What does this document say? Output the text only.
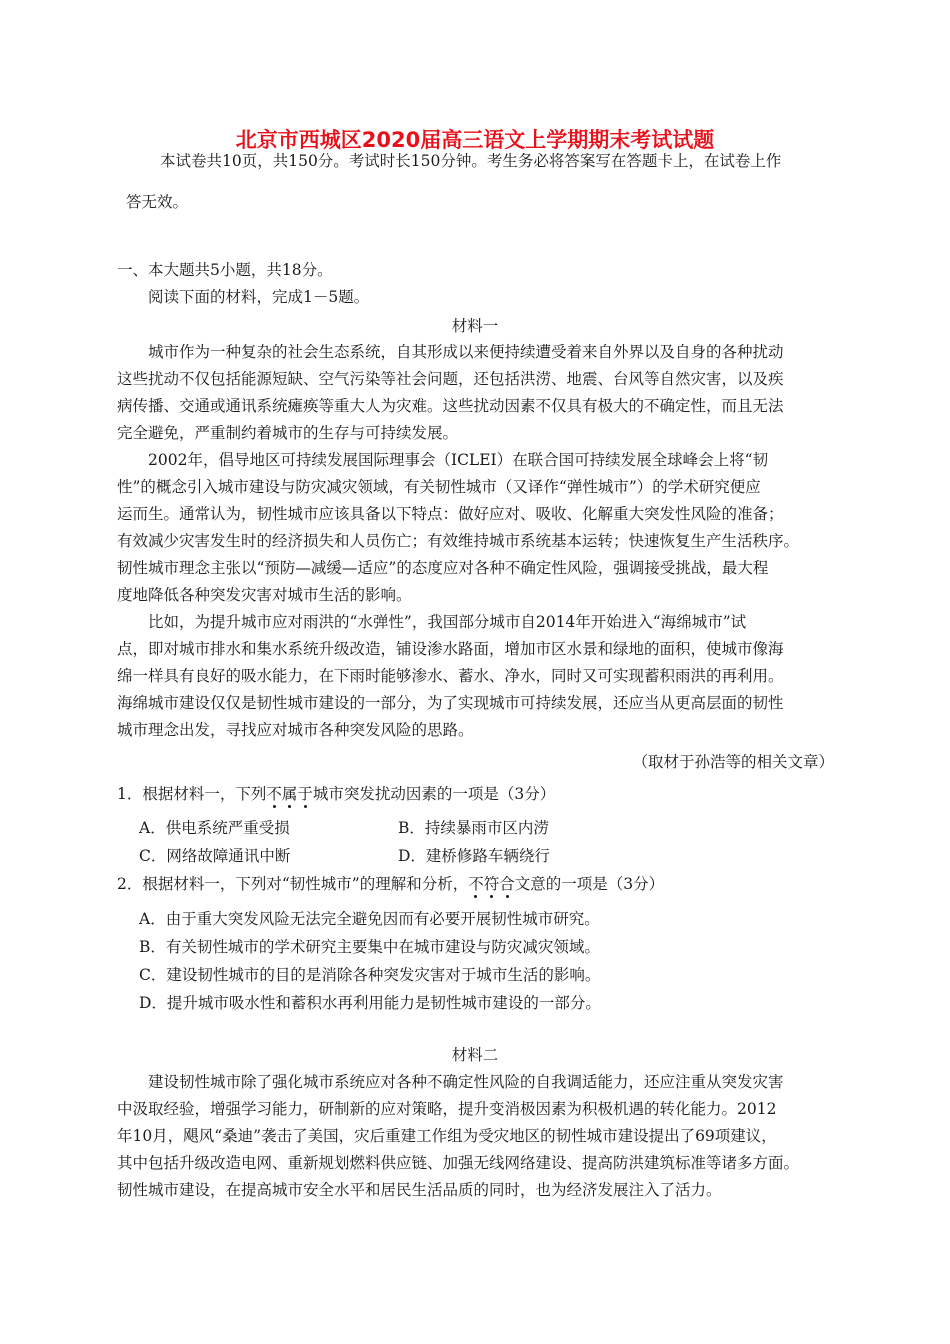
北京市西城区2020届高三语文上学期期末考试试题
本试卷共10页，共150分。考试时长150分钟。考生务必将答案写在答题卡上，在试卷上作
答无效。
一、本大题共5小题，共18分。
阅读下面的材料，完成1－5题。
材料一
城市作为一种复杂的社会生态系统，自其形成以来便持续遭受着来自外界以及自身的各种扰动
这些扰动不仅包括能源短缺、空气污染等社会问题，还包括洪涝、地震、台风等自然灾害，以及疾
病传播、交通或通讯系统瘫痪等重大人为灾难。这些扰动因素不仅具有极大的不确定性，而且无法
完全避免，严重制约着城市的生存与可持续发展。
2002年，倡导地区可持续发展国际理事会（ICLEI）在联合国可持续发展全球峰会上将“韧
性”的概念引入城市建设与防灾减灾领域，有关韧性城市（又译作“弹性城市”）的学术研究便应
运而生。通常认为，韧性城市应该具备以下特点：做好应对、吸收、化解重大突发性风险的准备；
有效减少灾害发生时的经济损失和人员伤亡；有效维持城市系统基本运转；快速恢复生产生活秩序。
韧性城市理念主张以“预防—减缓—适应”的态度应对各种不确定性风险，强调接受挑战，最大程
度地降低各种突发灾害对城市生活的影响。
比如，为提升城市应对雨洪的“水弹性”，我国部分城市自2014年开始进入“海绵城市”试
点，即对城市排水和集水系统升级改造，铺设渗水路面，增加市区水景和绿地的面积，使城市像海
绵一样具有良好的吸水能力，在下雨时能够渗水、蓄水、净水，同时又可实现蓄积雨洪的再利用。
海绵城市建设仅仅是韧性城市建设的一部分，为了实现城市可持续发展，还应当从更高层面的韧性
城市理念出发，寻找应对城市各种突发风险的思路。
（取材于孙浩等的相关文章）
1．根据材料一，下列不属于城市突发扰动因素的一项是（3分）
A．供电系统严重受损	B．持续暴雨市区内涝
C．网络故障通讯中断	D．建桥修路车辆绕行
2．根据材料一，下列对“韧性城市”的理解和分析，不符合文意的一项是（3分）
A．由于重大突发风险无法完全避免因而有必要开展韧性城市研究。
B．有关韧性城市的学术研究主要集中在城市建设与防灾减灾领域。
C．建设韧性城市的目的是消除各种突发灾害对于城市生活的影响。
D．提升城市吸水性和蓄积水再利用能力是韧性城市建设的一部分。
材料二
建设韧性城市除了强化城市系统应对各种不确定性风险的自我调适能力，还应注重从突发灾害
中汲取经验，增强学习能力，研制新的应对策略，提升变消极因素为积极机遇的转化能力。2012
年10月，飓风“桑迪”袭击了美国，灾后重建工作组为受灾地区的韧性城市建设提出了69项建议，
其中包括升级改造电网、重新规划燃料供应链、加强无线网络建设、提高防洪建筑标准等诸多方面。
韧性城市建设，在提高城市安全水平和居民生活品质的同时，也为经济发展注入了活力。
